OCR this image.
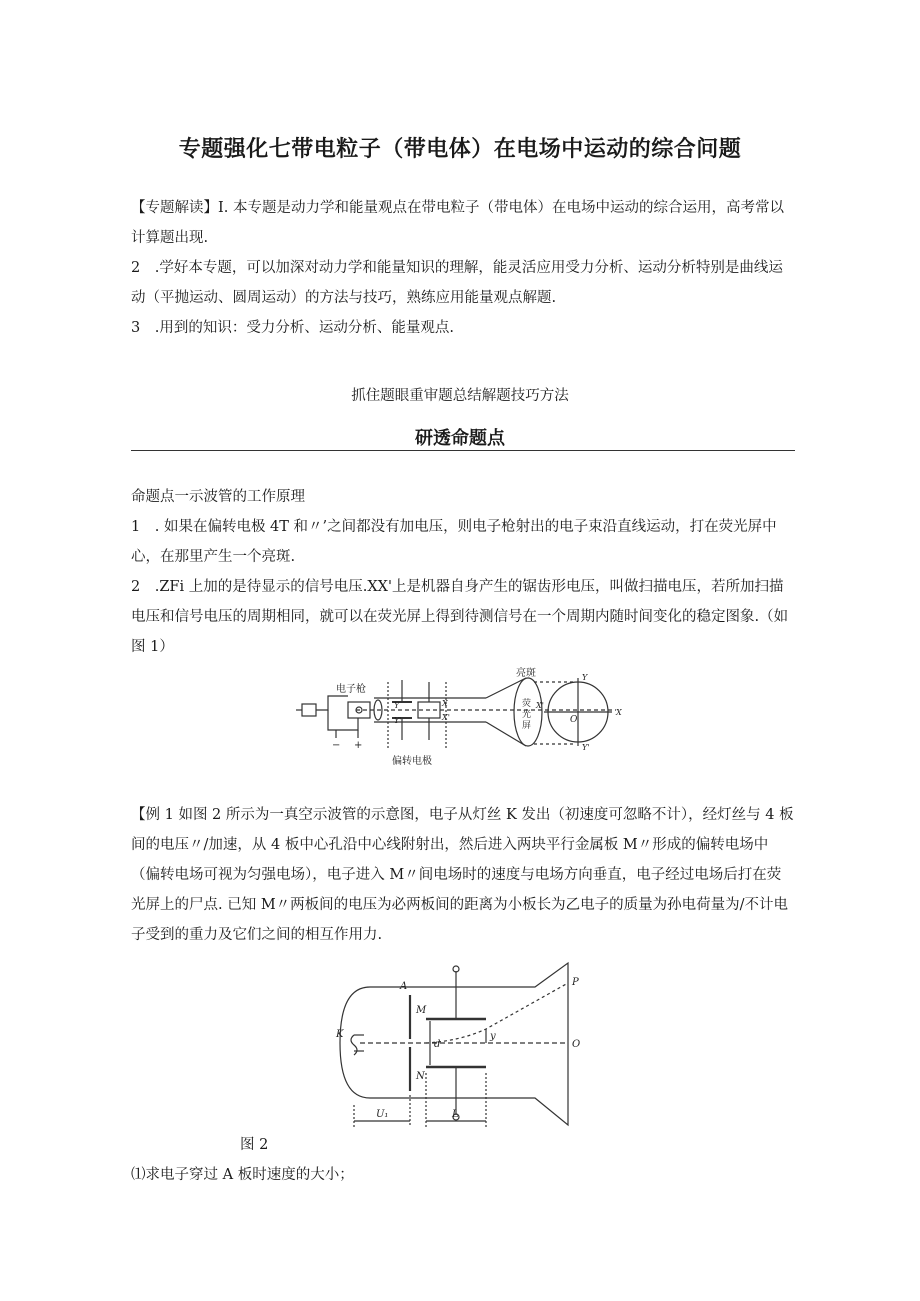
专题强化七带电粒子（带电体）在电场中运动的综合问题
【专题解读】I. 本专题是动力学和能量观点在带电粒子（带电体）在电场中运动的综合运用，高考常以计算题出现.
2　.学好本专题，可以加深对动力学和能量知识的理解，能灵活应用受力分析、运动分析特别是曲线运动（平抛运动、圆周运动）的方法与技巧，熟练应用能量观点解题.
3　.用到的知识：受力分析、运动分析、能量观点.
抓住题眼重审题总结解题技巧方法
研透命题点
命题点一示波管的工作原理
1　. 如果在偏转电极 4T 和〃’之间都没有加电压，则电子枪射出的电子束沿直线运动，打在荧光屏中心，在那里产生一个亮斑.
2　.ZFi 上加的是待显示的信号电压.XX'上是机器自身产生的锯齿形电压，叫做扫描电压，若所加扫描电压和信号电压的周期相同，就可以在荧光屏上得到待测信号在一个周期内随时间变化的稳定图象.（如图 1）
电子枪
亮斑
荧
光
屏
偏转电极
Y
Y'
X
X'
Y
Y'
X
X'
O
− +
【例 1 如图 2 所示为一真空示波管的示意图，电子从灯丝 K 发出（初速度可忽略不计），经灯丝与 4 板间的电压〃/加速，从 4 板中心孔沿中心线附射出，然后进入两块平行金属板 M〃形成的偏转电场中（偏转电场可视为匀强电场），电子进入 M〃间电场时的速度与电场方向垂直，电子经过电场后打在荧光屏上的尸点. 已知 M〃两板间的电压为必两板间的距离为小板长为乙电子的质量为孙电荷量为/不计电子受到的重力及它们之间的相互作用力.
K
A
M
N
d
y
P
O
U₁	L
图 2
⑴求电子穿过 A 板时速度的大小；
